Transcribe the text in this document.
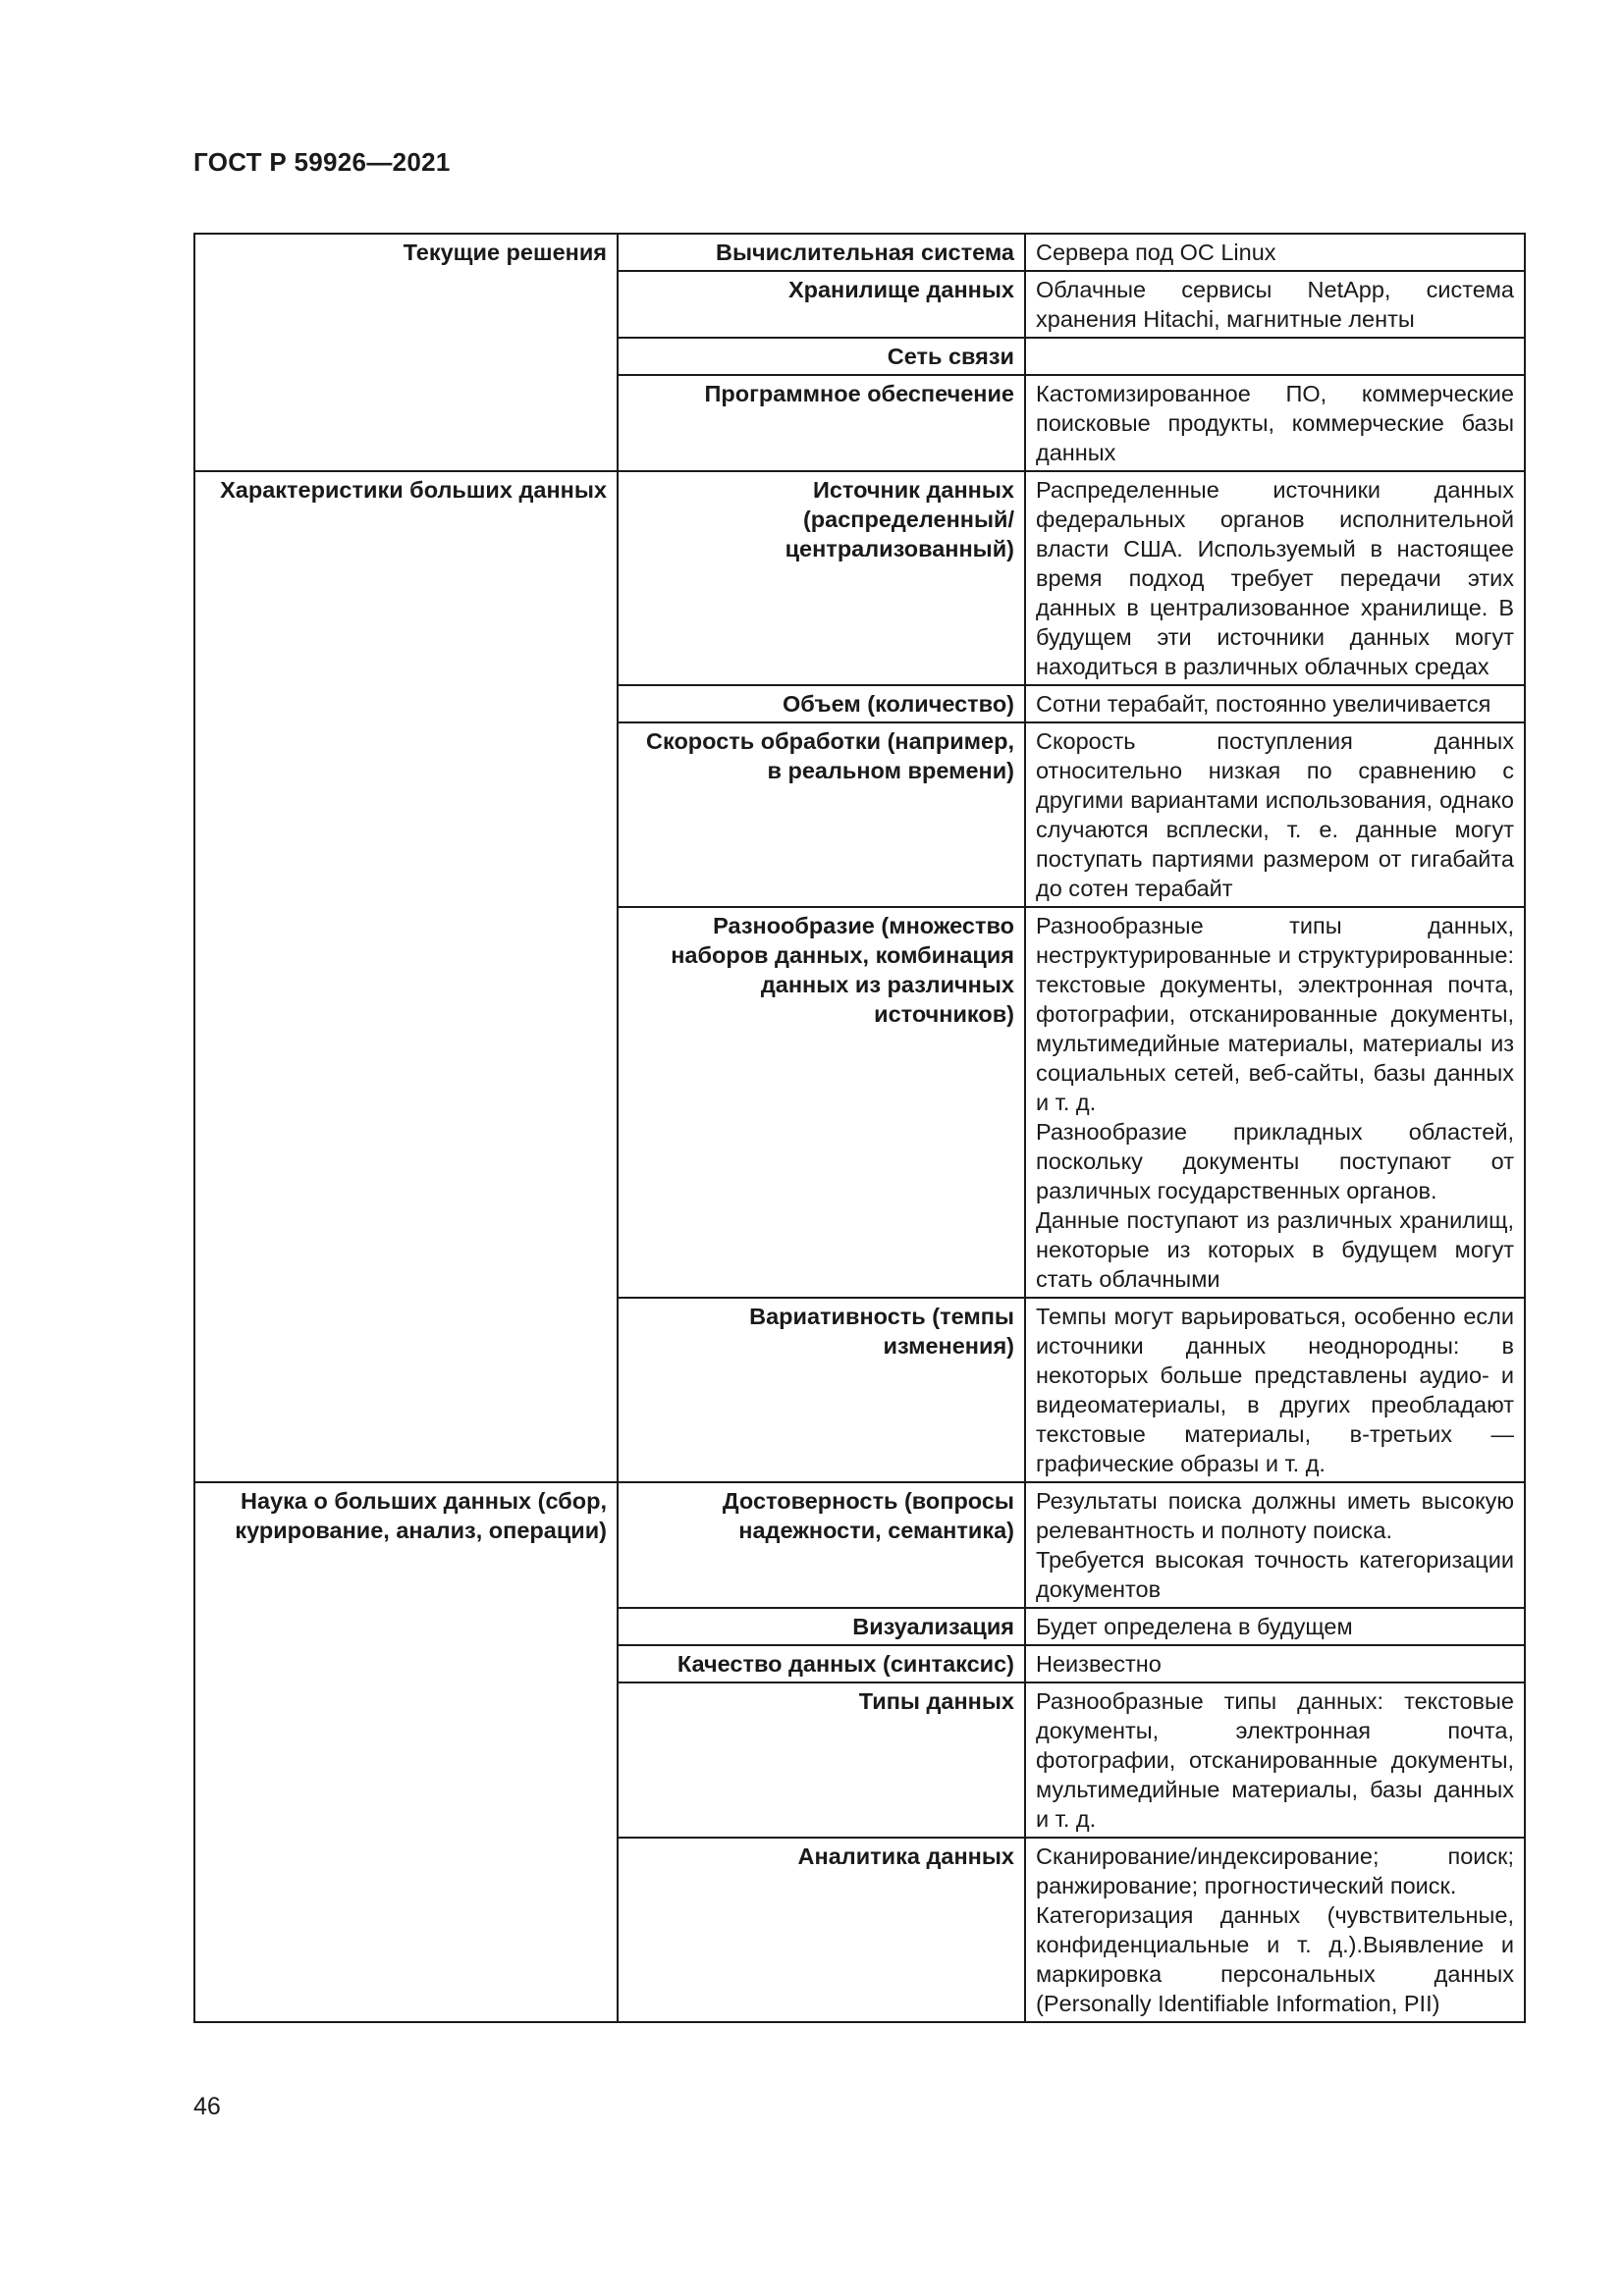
ГОСТ Р 59926—2021
Текущие решения	Вычислительная система	Сервера под ОС Linux

	Хранилище данных	Облачные сервисы NetApp, система хранения Hitachi, магнитные ленты

	Сеть связи	
	Программное обеспечение	Кастомизированное ПО, коммерческие поисковые продукты, коммерческие базы данных

Характеристики больших данных	Источник данных (распределенный/централизованный)	Распределенные источники данных федеральных органов исполнительной власти США. Используемый в настоящее время подход требует передачи этих данных в централизованное хранилище. В будущем эти источники данных могут находиться в различных облачных средах

	Объем (количество)	Сотни терабайт, постоянно увеличивается

	Скорость обработки (например, в реальном времени)	Скорость поступления данных относительно низкая по сравнению с другими вариантами использования, однако случаются всплески, т. е. данные могут поступать партиями размером от гигабайта до сотен терабайт

	Разнообразие (множество наборов данных, комбинация данных из различных источников)	Разнообразные типы данных, неструктурированные и структурированные: текстовые документы, электронная почта, фотографии, отсканированные документы, мультимедийные материалы, материалы из социальных сетей, веб-сайты, базы данных и т. д.

Разнообразие прикладных областей, поскольку документы поступают от различных государственных органов.

Данные поступают из различных хранилищ, некоторые из которых в будущем могут стать облачными

	Вариативность (темпы изменения)	Темпы могут варьироваться, особенно если источники данных неоднородны: в некоторых больше представлены аудио- и видеоматериалы, в других преобладают текстовые материалы, в-третьих — графические образы и т. д.

Наука о больших данных (сбор, курирование, анализ, операции)	Достоверность (вопросы надежности, семантика)	Результаты поиска должны иметь высокую релевантность и полноту поиска.

Требуется высокая точность категоризации документов

	Визуализация	Будет определена в будущем

	Качество данных (синтаксис)	Неизвестно

	Типы данных	Разнообразные типы данных: текстовые документы, электронная почта, фотографии, отсканированные документы, мультимедийные материалы, базы данных и т. д.

	Аналитика данных	Сканирование/индексирование; поиск; ранжирование; прогностический поиск.

Категоризация данных (чувствительные, конфиденциальные и т. д.).Выявление и маркировка персональных данных (Personally Identifiable Information, PII)

46
